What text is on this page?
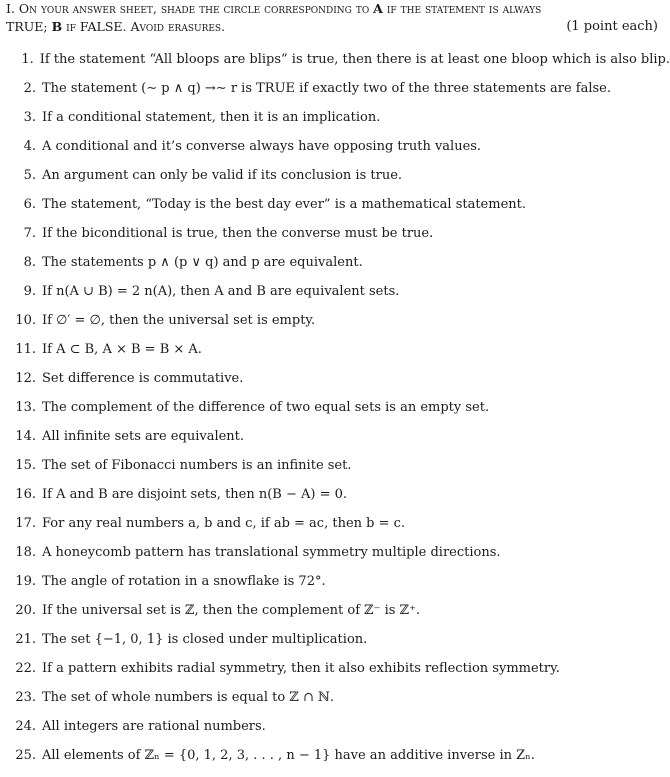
I. On your answer sheet, shade the circle corresponding to A if the statement is always
TRUE; B if FALSE. Avoid erasures.	(1 point each)
1. If the statement “All bloops are blips” is true, then there is at least one bloop which is also blip.
2. The statement (∼ p ∧ q) →∼ r is TRUE if exactly two of the three statements are false.
3. If a conditional statement, then it is an implication.
4. A conditional and it’s converse always have opposing truth values.
5. An argument can only be valid if its conclusion is true.
6. The statement, “Today is the best day ever” is a mathematical statement.
7. If the biconditional is true, then the converse must be true.
8. The statements p ∧ (p ∨ q) and p are equivalent.
9. If n(A ∪ B) = 2 n(A), then A and B are equivalent sets.
10. If ∅′ = ∅, then the universal set is empty.
11. If A ⊂ B, A × B = B × A.
12. Set difference is commutative.
13. The complement of the difference of two equal sets is an empty set.
14. All infinite sets are equivalent.
15. The set of Fibonacci numbers is an infinite set.
16. If A and B are disjoint sets, then n(B − A) = 0.
17. For any real numbers a, b and c, if ab = ac, then b = c.
18. A honeycomb pattern has translational symmetry multiple directions.
19. The angle of rotation in a snowflake is 72°.
20. If the universal set is ℤ, then the complement of ℤ⁻ is ℤ⁺.
21. The set {−1, 0, 1} is closed under multiplication.
22. If a pattern exhibits radial symmetry, then it also exhibits reflection symmetry.
23. The set of whole numbers is equal to ℤ ∩ ℕ.
24. All integers are rational numbers.
25. All elements of ℤₙ = {0, 1, 2, 3, . . . , n − 1} have an additive inverse in Zₙ.
